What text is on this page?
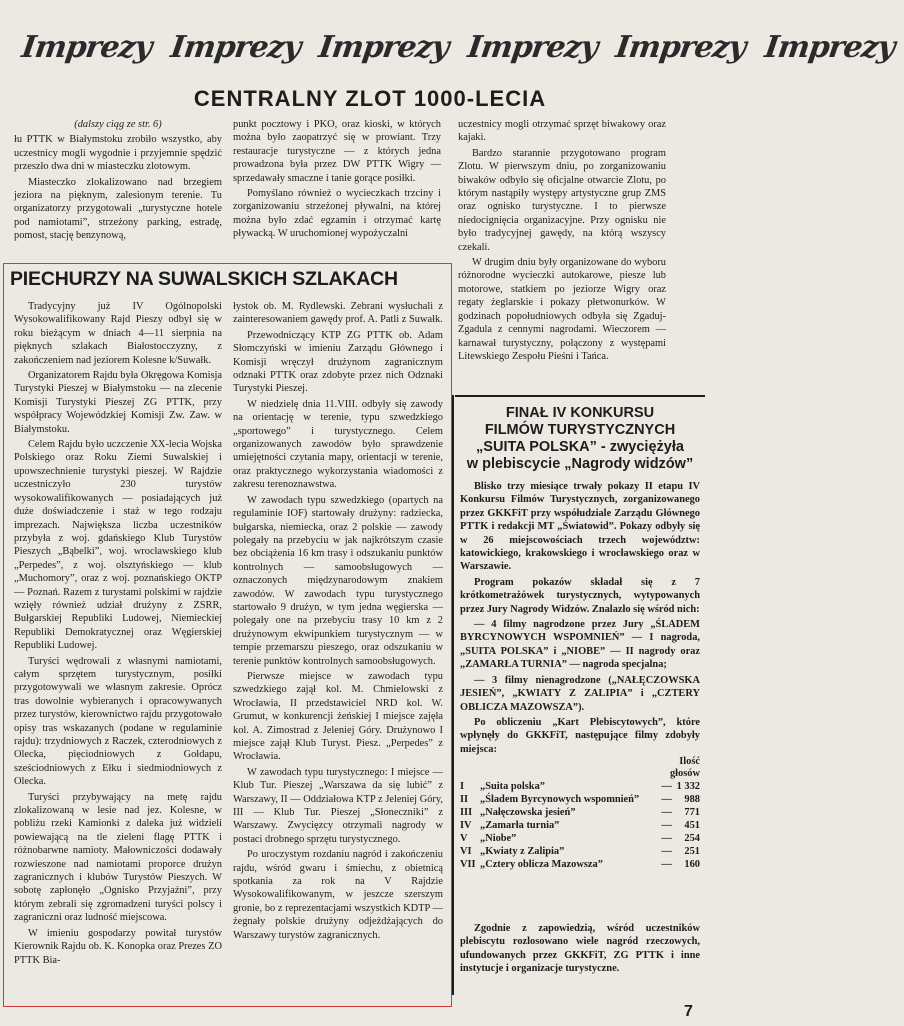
Imprezy Imprezy Imprezy Imprezy Imprezy Imprezy
CENTRALNY ZLOT 1000-LECIA

(dalszy ciąg ze str. 6)

łu PTTK w Białymstoku zrobiło wszystko, aby uczestnicy mogli wygodnie i przyjemnie spędzić przeszło dwa dni w miasteczku zlotowym.

Miasteczko zlokalizowano nad brzegiem jeziora na pięknym, zalesionym terenie. Tu organizatorzy przygotowali „turystyczne hotele pod namiotami”, strzeżony parking, estradę, pomost, stację benzynową,

punkt pocztowy i PKO, oraz kioski, w których można było zaopatrzyć się w prowiant. Trzy restauracje turystyczne — z których jedna prowadzona była przez DW PTTK Wigry — sprzedawały smaczne i tanie gorące posiłki.

Pomyślano również o wycieczkach trzciny i zorganizowaniu strzeżonej pływalni, na której można było zdać egzamin i otrzymać kartę pływacką. W uruchomionej wypożyczalni

uczestnicy mogli otrzymać sprzęt biwakowy oraz kajaki.

Bardzo starannie przygotowano program Zlotu. W pierwszym dniu, po zorganizowaniu biwaków odbyło się oficjalne otwarcie Zlotu, po którym nastąpiły występy artystyczne grup ZMS oraz ognisko turystyczne. I to pierwsze niedocignięcia organizacyjne. Przy ognisku nie było tradycyjnej gawędy, na którą wszyscy czekali.

W drugim dniu były organizowane do wyboru różnorodne wycieczki autokarowe, piesze lub motorowe, statkiem po jeziorze Wigry oraz regaty żeglarskie i pokazy płetwonurków. W godzinach popołudniowych odbyła się Zgaduj-Zgadula z cennymi nagrodami. Wieczorem — karnawał turystyczny, połączony z występami Litewskiego Zespołu Pieśni i Tańca.

PIECHURZY NA SUWALSKICH SZLAKACH

Tradycyjny już IV Ogólnopolski Wysokowalifikowany Rajd Pieszy odbył się w roku bieżącym w dniach 4—11 sierpnia na pięknych szlakach Białostocczyzny, z zakończeniem nad jeziorem Kolesne k/Suwałk.

Organizatorem Rajdu była Okręgowa Komisja Turystyki Pieszej w Białymstoku — na zlecenie Komisji Turystyki Pieszej ZG PTTK, przy współpracy Wojewódzkiej Komisji Zw. Zaw. w Białymstoku.

Celem Rajdu było uczczenie XX-lecia Wojska Polskiego oraz Roku Ziemi Suwalskiej i upowszechnienie turystyki pieszej. W Rajdzie uczestniczyło 230 turystów wysokowalifikowanych — posiadających już duże doświadczenie i staż w tego rodzaju imprezach. Największa liczba uczestników przybyła z woj. gdańskiego Klub Turystów Pieszych „Bąbelki”, woj. wrocławskiego klub „Perpedes”, z woj. olsztyńskiego — klub „Muchomory”, oraz z woj. poznańskiego OKTP — Poznań. Razem z turystami polskimi w rajdzie wzięły również udział drużyny z ZSRR, Bułgarskiej Republiki Ludowej, Niemieckiej Republiki Demokratycznej oraz Węgierskiej Republiki Ludowej.

Turyści wędrowali z własnymi namiotami, całym sprzętem turystycznym, posiłki przygotowywali we własnym zakresie. Oprócz tras dowolnie wybieranych i opracowywanych przez turystów, kierownictwo rajdu przygotowało opisy tras wskazanych (podane w regulaminie rajdu): trzydniowych z Raczek, czterodniowych z Olecka, pięciodniowych z Gołdapu, sześciodniowych z Ełku i siedmiodniowych z Olecka.

Turyści przybywający na metę rajdu zlokalizowaną w lesie nad jez. Kolesne, w pobliżu rzeki Kamionki z daleka już widzieli powiewającą na tle zieleni flagę PTTK i różnobarwne namioty. Małowniczości dodawały rozwieszone nad namiotami proporce drużyn zagranicznych i klubów Turystów Pieszych. W sobotę zapłonęło „Ognisko Przyjaźni”, przy którym zebrali się zgromadzeni turyści polscy i zagraniczni oraz ludność miejscowa.

W imieniu gospodarzy powitał turystów Kierownik Rajdu ob. K. Konopka oraz Prezes ZO PTTK Bia-

łystok ob. M. Rydlewski. Zebrani wysłuchali z zainteresowaniem gawędy prof. A. Patli z Suwałk.

Przewodniczący KTP ZG PTTK ob. Adam Słomczyński w imieniu Zarządu Głównego i Komisji wręczył drużynom zagranicznym odznaki PTTK oraz zdobyte przez nich Odznaki Turystyki Pieszej.

W niedzielę dnia 11.VIII. odbyły się zawody na orientację w terenie, typu szwedzkiego „sportowego” i turystycznego. Celem organizowanych zawodów było sprawdzenie umiejętności czytania mapy, orientacji w terenie, oraz praktycznego wykorzystania wiadomości z zakresu terenoznawstwa.

W zawodach typu szwedzkiego (opartych na regulaminie IOF) startowały drużyny: radziecka, bułgarska, niemiecka, oraz 2 polskie — zawody polegały na przebyciu w jak najkrótszym czasie bez obciążenia 16 km trasy i odszukaniu punktów kontrolnych — samoobsługowych — oznaczonych międzynarodowym znakiem zawodów. W zawodach typu turystycznego startowało 9 drużyn, w tym jedna węgierska — polegały one na przebyciu trasy 10 km z 2 drużynowym ekwipunkiem turystycznym — w tempie przemarszu pieszego, oraz odszukaniu w terenie punktów kontrolnych samoobsługowych.

Pierwsze miejsce w zawodach typu szwedzkiego zajął kol. M. Chmielowski z Wrocławia, II przedstawiciel NRD kol. W. Grumut, w konkurencji żeńskiej I miejsce zajęła kol. A. Zimostrad z Jeleniej Góry. Drużynowo I miejsce zajął Klub Turyst. Piesz. „Perpedes” z Wrocławia.

W zawodach typu turystycznego: I miejsce — Klub Tur. Pieszej „Warszawa da się lubić” z Warszawy, II — Oddziałowa KTP z Jeleniej Góry, III — Klub Tur. Pieszej „Słoneczniki” z Warszawy. Zwycięzcy otrzymali nagrody w postaci drobnego sprzętu turystycznego.

Po uroczystym rozdaniu nagród i zakończeniu rajdu, wśród gwaru i śmiechu, z obietnicą spotkania za rok na V Rajdzie Wysokowalifikowanym, w jeszcze szerszym gronie, bo z reprezentacjami wszystkich KDTP — żegnały polskie drużyny odjeżdżających do Warszawy turystów zagranicznych.

FINAŁ IV KONKURSU
FILMÓW TURYSTYCZNYCH
„SUITA POLSKA” - zwyciężyła
w plebiscycie „Nagrody widzów”

Blisko trzy miesiące trwały pokazy II etapu IV Konkursu Filmów Turystycznych, zorganizowanego przez GKKFiT przy współudziale Zarządu Głównego PTTK i redakcji MT „Światowid”. Pokazy odbyły się w 26 miejscowościach trzech województw: katowickiego, krakowskiego i wrocławskiego oraz w Warszawie.

Program pokazów składał się z 7 krótkometrażówek turystycznych, wytypowanych przez Jury Nagrody Widzów. Znalazło się wśród nich:

— 4 filmy nagrodzone przez Jury „ŚLADEM BYRCYNOWYCH WSPOMNIEŃ” — I nagroda, „SUITA POLSKA” i „NIOBE” — II nagrody oraz „ZAMARŁA TURNIA” — nagroda specjalna;

— 3 filmy nienagrodzone („NAŁĘCZOWSKA JESIEŃ”, „KWIATY Z ZALIPIA” i „CZTERY OBLICZA MAZOWSZA”).

Po obliczeniu „Kart Plebiscytowych”, które wpłynęły do GKKFiT, następujące filmy zdobyły miejsca:

Ilość
głosów
I	„Suita polska”	—	1 332
II	„Śladem Byrcynowych wspomnień”	—	988
III	„Nałęczowska jesień”	—	771
IV	„Zamarła turnia”	—	451
V	„Niobe”	—	254
VI	„Kwiaty z Zalipia”	—	251
VII	„Cztery oblicza Mazowsza”	—	160

Zgodnie z zapowiedzią, wśród uczestników plebiscytu rozlosowano wiele nagród rzeczowych, ufundowanych przez GKKFiT, ZG PTTK i inne instytucje i organizacje turystyczne.

7
